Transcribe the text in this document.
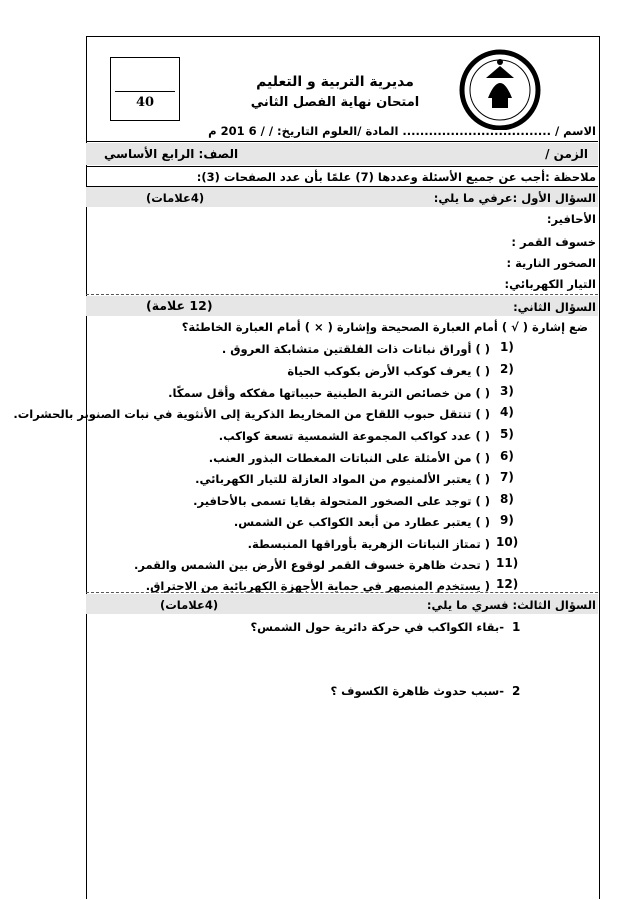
40
مديرية التربية و التعليم
امتحان نهاية الفصل الثاني
الاسم / .................................. المادة /العلوم التاريخ: / / 6 201 م
الزمن /
الصف: الرابع الأساسي
ملاحظة :أجب عن جميع الأسئلة وعددها (7) علمًا بأن عدد الصفحات (3):
السؤال الأول :عرفي ما يلي:
(4علامات)
الأحافير:
خسوف القمر :
الصخور النارية :
التيار الكهربائي:
السؤال الثاني:
(12 علامة)
ضع إشارة ( √ ) أمام العبارة الصحيحة وإشارة ( × ) أمام العبارة الخاطئة؟
1)
( ) أوراق نباتات ذات الفلقتين متشابكة العروق .
2)
( ) يعرف كوكب الأرض بكوكب الحياة
3)
( ) من خصائص التربة الطينية حبيباتها مفككه وأقل سمكًا.
4)
( ) تنتقل حبوب اللقاح من المخاريط الذكرية إلى الأنثوية في نبات الصنوبر بالحشرات.
5)
( ) عدد كواكب المجموعة الشمسية تسعة كواكب.
6)
( ) من الأمثلة على النباتات المغطات البذور العنب.
7)
( ) يعتبر الألمنيوم من المواد العازلة للتيار الكهربائي.
8)
( ) توجد على الصخور المتحولة بقايا تسمى بالأحافير.
9)
( ) يعتبر عطارد من أبعد الكواكب عن الشمس.
10)
( تمتاز النباتات الزهرية بأوراقها المنبسطة.
11)
( تحدث ظاهرة خسوف القمر لوقوع الأرض بين الشمس والقمر.
12)
( يستخدم المنصهر في حماية الأجهزة الكهربائية من الاحتراق.
السؤال الثالث: فسري ما يلي:
(4علامات)
1
-بقاء الكواكب في حركة دائرية حول الشمس؟
2
-سبب حدوث ظاهرة الكسوف ؟
